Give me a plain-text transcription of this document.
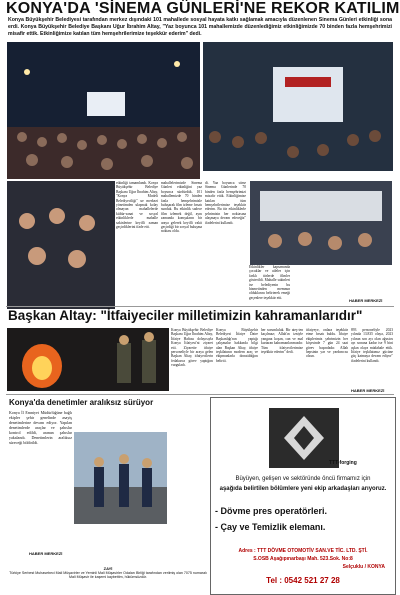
KONYA'DA 'SİNEMA GÜNLERİ'NE REKOR KATILIM
Konya Büyükşehir Belediyesi tarafından merkez dışındaki 101 mahallede sosyal hayata katkı sağlamak amacıyla düzenlenen Sinema Günleri etkinliği sona erdi. Konya Büyükşehir Belediye Başkanı Uğur İbrahim Altay, "Yaz boyunca 101 mahallemizde düzenlediğimiz etkinliğimizde 70 binden fazla hemşehrimizi misafir ettik. Etkinliğimize katılan tüm hemşehrilerimize teşekkür ederim" dedi.
etkinliği tamamlandı. Konya Büyükşehir Belediye Başkanı Uğur İbrahim Altay, "Konya Modeli Belediyeciliği" ue merkezi yönetimden ulaşmak kolay olmayan mahallelerde kültür-sanat ve sosyal etkinliklerle mahalle sakinlerine keyifli zaman geçirdiklerini ifade etti.
mahallelerimizde Sinema Günleri etkinliğini yaz boyunca sürdürdük. 101 mahallemizde 70 binden fazla hemşehrimizle buluşarak film izleme fırsatı sunduk. Bu etkinlik sadece film izlemek değil, aynı zamanda komşuların bir araya gelerek keyifli vakit geçirdiği bir sosyal buluşma noktası oldu.
di. Yaz boyunca sürse Sinema Günlerinde 70 binden fazla hemşehrimizi misafir ettik. Etkinliğimize katılan tüm hemşehrilerimize teşekkür ederim. Bu tür etkinliklerle şehrimizin her noktasına ulaşmaya devam edeceğiz" ifadelerini kullandı.
Etkinlikler kapsamında çocuklar ve aileler için farklı türlerde filmler gösterildi. Mahalle sakinleri ise belediyenin bu hizmetinden memnun olduklarını belirterek emeği geçenlere teşekkür etti.
HABER MERKEZİ
Başkan Altay: "İtfaiyeciler milletimizin kahramanlarıdır"
Konya Büyükşehir Belediye Başkanı Uğur İbrahim Altay, İtfaiye Haftası dolayısıyla Konya İtfaiyesi'ni ziyaret etti. Ziyarette itfaiye personeliyle bir araya gelen Başkan Altay, itfaiyecilerin fedakarca görev yaptığını vurguladı.
Konya Büyükşehir Belediyesi İtfaiye Daire Başkanlığı'nın yaptığı çalışmalar hakkında bilgi alan Başkan Altay, itfaiye teşkilatının modern araç ve ekipmanlarla donatıldığını belirtti.
her sorumluluk. Bir ateş-ten kaçılmaz; Allah'ın izniyle yangına koşan, can ve mal kurtaran kahramanlarımızdır. Tüm itfaiyecilerimize teşekkür ederim" dedi.
itfaiyeye, onlara teşekkür etme fırsatı buldu. İtfaiye ekiplerimiz şehrimizin her köşesinde 7 gün 24 saat görev başındadır. Allah hepsinin yar ve yardımcısı olsun.
893 personeliyle 2023 yılında 13.835 olaya, 2023 yılının son ayı olan ağustos ayı sonuna kadar ise 9 bini aşkın olaya müdahale ettik. İtfaiye teşkilatımız gücüne güç katmaya devam ediyor" ifadelerini kullandı.
HABER MERKEZİ
Konya'da denetimler aralıksız sürüyor
Konya İl Emniyet Müdürlüğüne bağlı ekipler şehir genelinde asayiş denetimlerine devam ediyor. Yapılan denetimlerde araçlar ve şahıslar kontrol edildi, aranan şahıslar yakalandı. Denetimlerin aralıksız süreceği bildirildi.
HABER MERKEZİ
ZAYİ
Türkiye Serbest Muhasebeci Mali Müşavirler ve Yeminli Mali Müşavirler Odaları Birliği tarafından verilmiş olan 7075 numaralı Mali Müşavir ile kaşemi kaybettim, hükümsüzdür.
TTT-forging
Büyüyen, gelişen ve sektöründe öncü firmamız için
aşağıda belirtilen bölümlere yeni ekip arkadaşları arıyoruz.
- Dövme pres operatörleri.
- Çay ve Temizlik elemanı.
Adres : TTT DÖVME OTOMOTİV SAN.VE TİC. LTD. ŞTİ.
S.OSB Aşağıpınarbaşı Mah. 523.Sok. No:8
Selçuklu / KONYA
Tel : 0542 521 27 28
